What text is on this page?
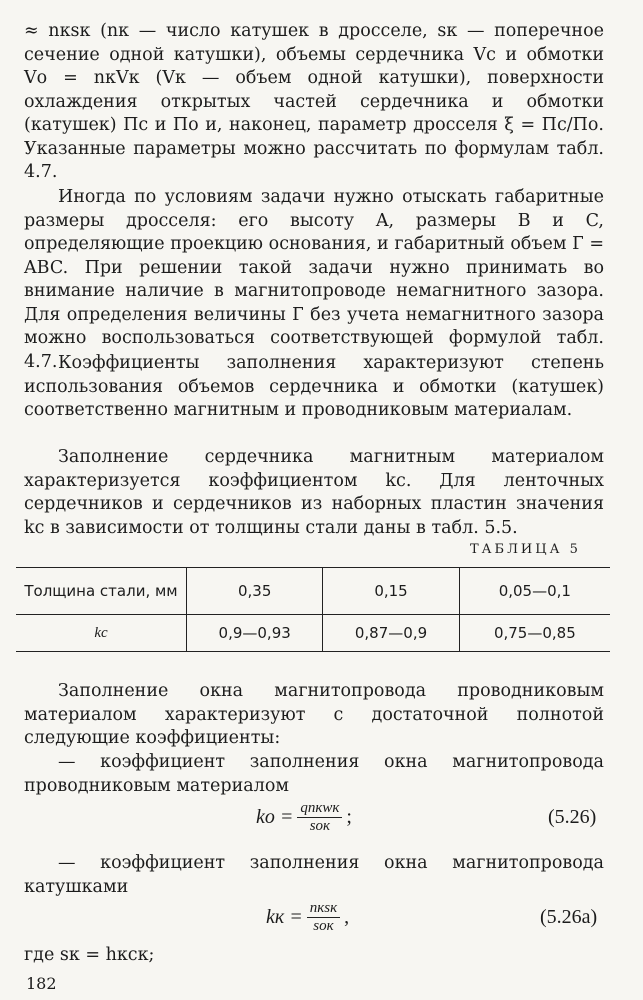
≈ nкsк (nк — число катушек в дросселе, sк — поперечное сечение одной катушки), объемы сердечника Vс и обмотки Vо = nкVк (Vк — объем одной катушки), поверхности охлаждения открытых частей сердечника и обмотки (катушек) Пс и По и, наконец, параметр дросселя ξ = Пс/По. Указанные параметры можно рассчитать по формулам табл. 4.7.

Иногда по условиям задачи нужно отыскать габаритные размеры дросселя: его высоту A, размеры B и C, определяющие проекцию основания, и габаритный объем Г = ABC. При решении такой задачи нужно принимать во внимание наличие в магнитопроводе немагнитного зазора. Для определения величины Г без учета немагнитного зазора можно воспользоваться соответствующей формулой табл. 4.7. Коэффициенты заполнения характеризуют степень использования объемов сердечника и обмотки (катушек) соответственно магнитным и проводниковым материалам.

Заполнение сердечника магнитным материалом характеризуется коэффициентом kс. Для ленточных сердечников и сердечников из наборных пластин значения kс в зависимости от толщины стали даны в табл. 5.5.

ТАБЛИЦА 5
Толщина стали, мм	0,35	0,15	0,05—0,1
kс	0,9—0,93	0,87—0,9	0,75—0,85

Заполнение окна магнитопровода проводниковым материалом характеризуют с достаточной полнотой следующие коэффициенты:

— коэффициент заполнения окна магнитопровода проводниковым материалом

kо = $\frac{\text{qnкwк}}{\text{sок}}$ ;	(5.26)

— коэффициент заполнения окна магнитопровода катушками

kк = $\frac{\text{nкsк}}{\text{sок}}$ ,	(5.26а)
где sк = hкcк;
182
